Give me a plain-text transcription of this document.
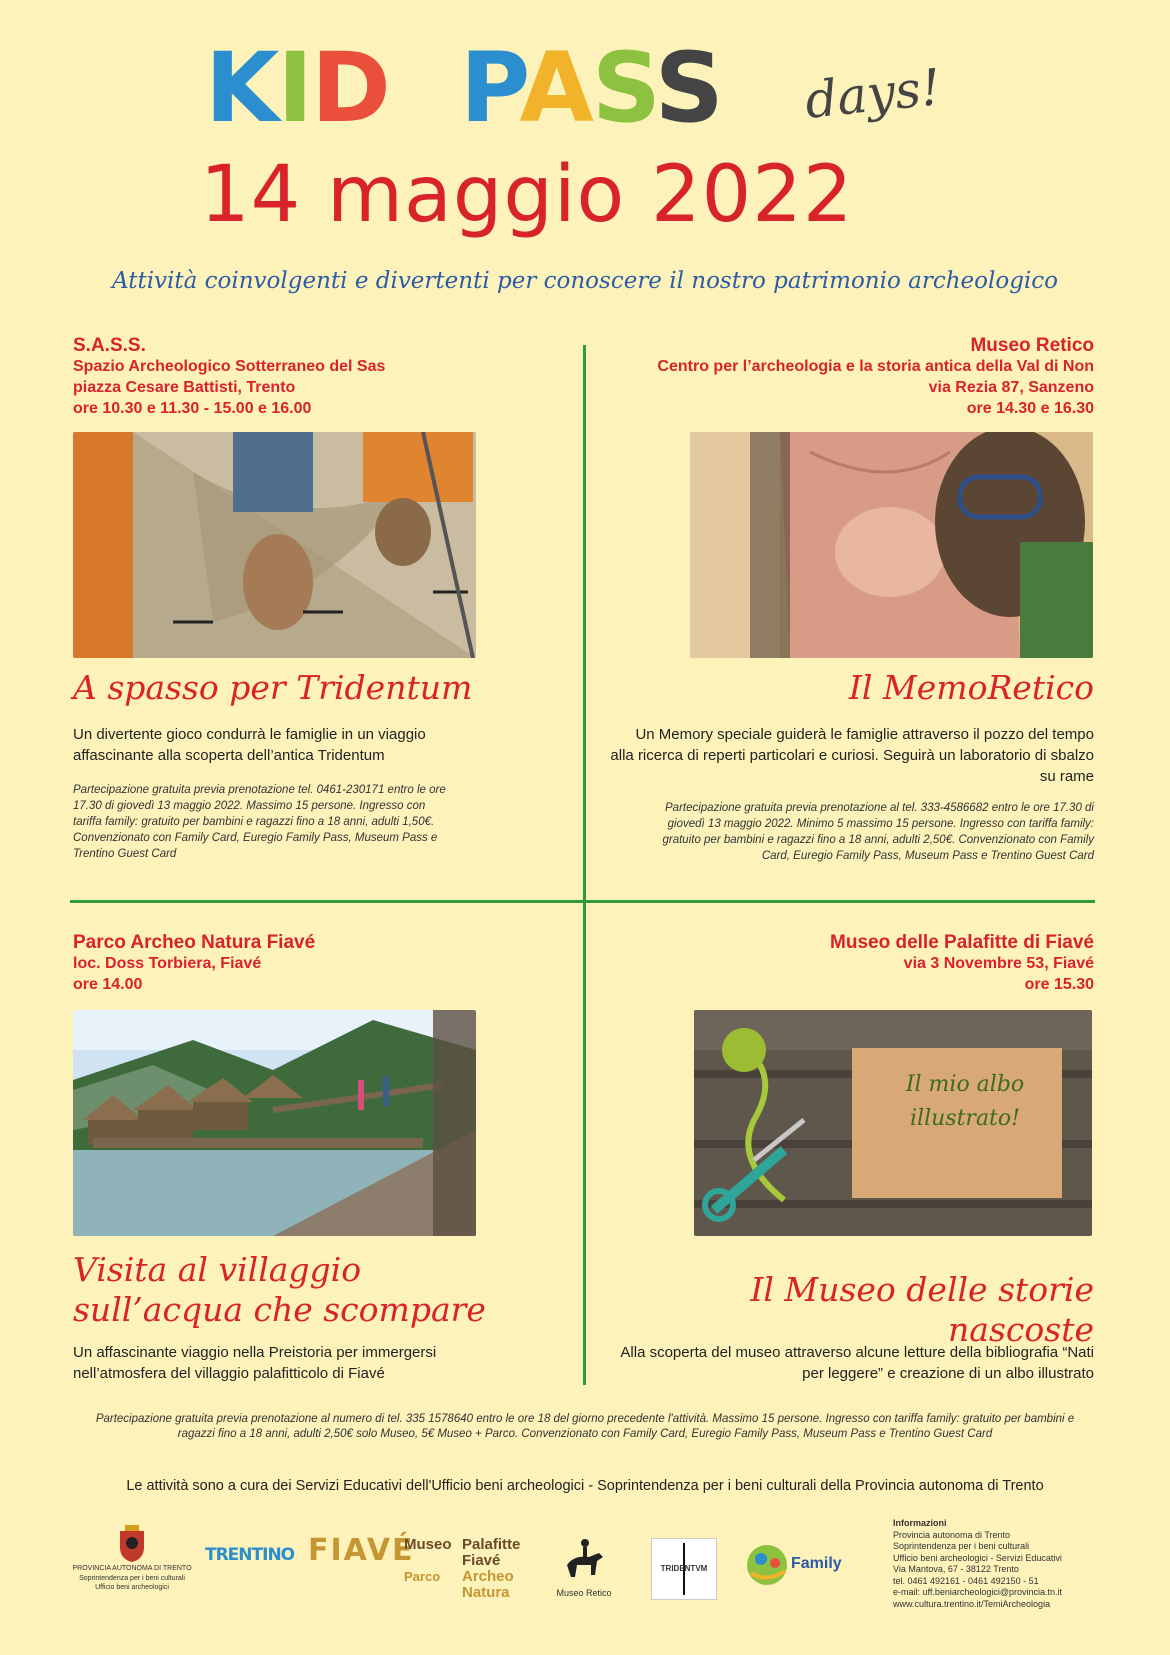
KID PASS days!
14 maggio 2022
Attività coinvolgenti e divertenti per conoscere il nostro patrimonio archeologico
S.A.S.S.
Spazio Archeologico Sotterraneo del Sas
piazza Cesare Battisti, Trento
ore 10.30 e 11.30 - 15.00 e 16.00
A spasso per Tridentum
Un divertente gioco condurrà le famiglie in un viaggio affascinante alla scoperta dell’antica Tridentum
Partecipazione gratuita previa prenotazione tel. 0461-230171 entro le ore 17.30 di giovedì 13 maggio 2022. Massimo 15 persone. Ingresso con tariffa family: gratuito per bambini e ragazzi fino a 18 anni, adulti 1,50€. Convenzionato con Family Card, Euregio Family Pass, Museum Pass e Trentino Guest Card
Museo Retico
Centro per l’archeologia e la storia antica della Val di Non
via Rezia 87, Sanzeno
ore 14.30 e 16.30
Il MemoRetico
Un Memory speciale guiderà le famiglie attraverso il pozzo del tempo alla ricerca di reperti particolari e curiosi. Seguirà un laboratorio di sbalzo su rame
Partecipazione gratuita previa prenotazione al tel. 333-4586682 entro le ore 17.30 di giovedì 13 maggio 2022. Minimo 5 massimo 15 persone. Ingresso con tariffa family: gratuito per bambini e ragazzi fino a 18 anni, adulti 2,50€. Convenzionato con Family Card, Euregio Family Pass, Museum Pass e Trentino Guest Card
Parco Archeo Natura Fiavé
loc. Doss Torbiera, Fiavé
ore 14.00
Visita al villaggio sull’acqua che scompare
Un affascinante viaggio nella Preistoria per immergersi nell’atmosfera del villaggio palafitticolo di Fiavé
Museo delle Palafitte di Fiavé
via 3 Novembre 53, Fiavé
ore 15.30
Il mio albo illustrato!
Il Museo delle storie nascoste
Alla scoperta del museo attraverso alcune letture della bibliografia “Nati per leggere” e creazione di un albo illustrato
Partecipazione gratuita previa prenotazione al numero di tel. 335 1578640 entro le ore 18 del giorno precedente l'attività. Massimo 15 persone. Ingresso con tariffa family: gratuito per bambini e ragazzi fino a 18 anni, adulti 2,50€ solo Museo, 5€ Museo + Parco. Convenzionato con Family Card, Euregio Family Pass, Museum Pass e Trentino Guest Card
Le attività sono a cura dei Servizi Educativi dell'Ufficio beni archeologici - Soprintendenza per i beni culturali della Provincia autonoma di Trento
PROVINCIA AUTONOMA DI TRENTO
Soprintendenza per i beni culturali Ufficio beni archeologici
TRENTINO FIAVÉ
Museo
Parco
Palafitte
Fiavé
Archeo
Natura	Museo Retico
TRIDENTVM	Family
Informazioni
Provincia autonoma di Trento
Soprintendenza per i beni culturali
Ufficio beni archeologici - Servizi Educativi
Via Mantova, 67 - 38122 Trento
tel. 0461 492161 - 0461 492150 - 51
e-mail: uff.beniarcheologici@provincia.tn.it
www.cultura.trentino.it/TemiArcheologia
